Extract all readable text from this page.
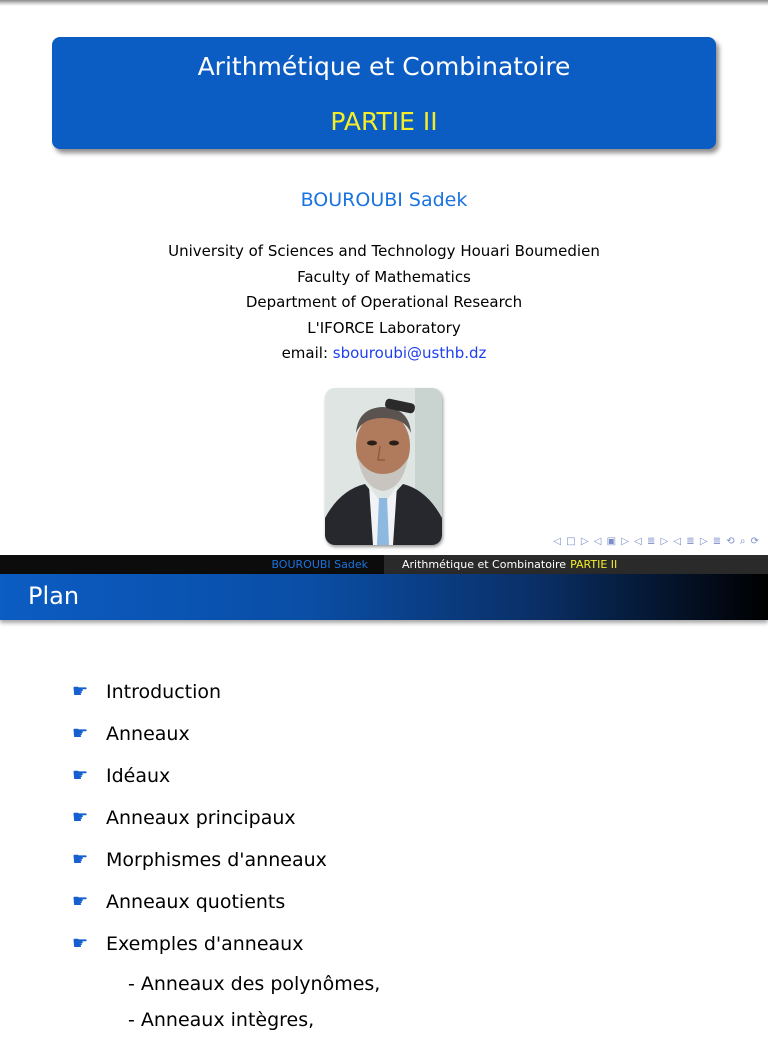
Arithmétique et Combinatoire
PARTIE II
BOUROUBI Sadek
University of Sciences and Technology Houari Boumedien
Faculty of Mathematics
Department of Operational Research
L'IFORCE Laboratory
email: sbouroubi@usthb.dz
◁ □ ▷ ◁ ▣ ▷ ◁ ≣ ▷ ◁ ≣ ▷ ≣ ⟲ ⌕ ⟳
BOUROUBI Sadek	Arithmétique et Combinatoire PARTIE II
Plan
☛ Introduction
☛ Anneaux
☛ Idéaux
☛ Anneaux principaux
☛ Morphismes d'anneaux
☛ Anneaux quotients
☛ Exemples d'anneaux
- Anneaux des polynômes,
- Anneaux intègres,
